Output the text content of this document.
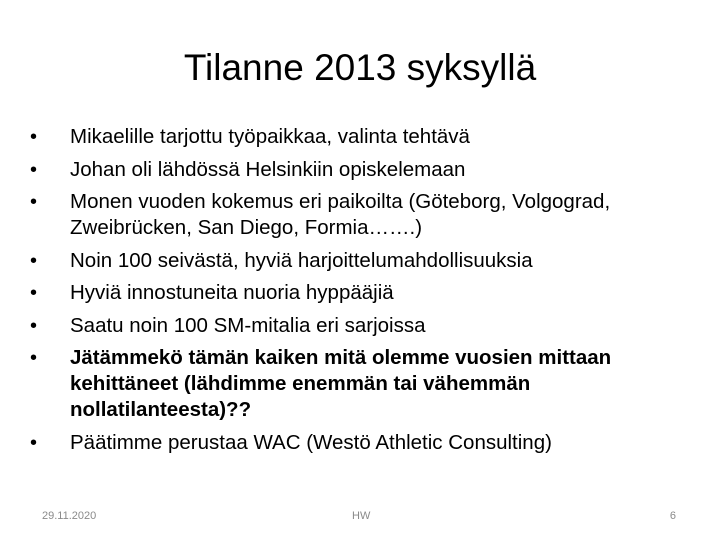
Tilanne 2013 syksyllä
•	Mikaelille tarjottu työpaikkaa, valinta tehtävä
•	Johan oli lähdössä Helsinkiin opiskelemaan
•	Monen vuoden kokemus eri paikoilta (Göteborg, Volgograd, Zweibrücken, San Diego, Formia…….)
•	Noin 100 seivästä, hyviä harjoittelumahdollisuuksia
•	Hyviä innostuneita nuoria hyppääjiä
•	Saatu noin 100 SM-mitalia eri sarjoissa
•	Jätämmekö tämän kaiken mitä olemme vuosien mittaan kehittäneet (lähdimme enemmän tai vähemmän nollatilanteesta)??
•	Päätimme perustaa WAC (Westö Athletic Consulting)
29.11.2020	HW	6
